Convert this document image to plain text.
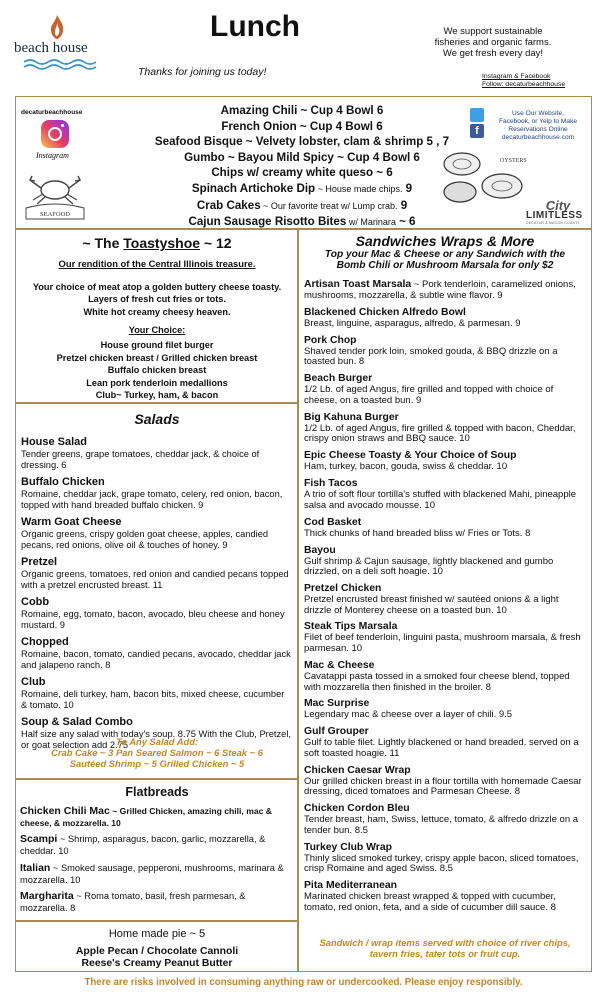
beach house
Lunch	We support sustainable
fisheries and organic farms.
We get fresh every day!
Thanks for joining us today!	Instagram & Facebook
Follow: decaturbeachhouse
decaturbeachhouse
Instagram
SEAFOOD
Amazing Chili ~ Cup 4 Bowl 6
French Onion ~ Cup 4 Bowl 6
Seafood Bisque ~ Velvety lobster, clam & shrimp 5 , 7
Gumbo ~ Bayou Mild Spicy ~ Cup 4 Bowl 6
Chips w/ creamy white queso ~ 6
Spinach Artichoke Dip ~ House made chips. 9
Crab Cakes ~ Our favorite treat w/ Lump crab. 9
Cajun Sausage Risotto Bites w/ Marinara ~ 6
f
Use Our Website,
Facebook, or Yelp to Make
Reservations Online
decaturbeachhouse.com
OYSTERS
City
LIMITLESS
DECATUR & MACON COUNTY
~ The Toastyshoe ~ 12
Our rendition of the Central Illinois treasure.
Your choice of meat atop a golden buttery cheese toasty.
Layers of fresh cut fries or tots.
White hot creamy cheesy heaven.
Your Choice:
House ground filet burger
Pretzel chicken breast / Grilled chicken breast
Buffalo chicken breast
Lean pork tenderloin medallions
Club~ Turkey, ham, & bacon
Salads
House Salad
Tender greens, grape tomatoes, cheddar jack, & choice of dressing. 6
Buffalo Chicken
Romaine, cheddar jack, grape tomato, celery, red onion, bacon, topped with hand breaded buffalo chicken. 9
Warm Goat Cheese
Organic greens, crispy golden goat cheese, apples, candied pecans, red onions, olive oil & touches of honey. 9
Pretzel
Organic greens, tomatoes, red onion and candied pecans topped with a pretzel encrusted breast. 11
Cobb
Romaine, egg, tomato, bacon, avocado, bleu cheese and honey mustard. 9
Chopped
Romaine, bacon, tomato, candied pecans, avocado, cheddar jack and jalapeno ranch. 8
Club
Romaine, deli turkey, ham, bacon bits, mixed cheese, cucumber & tomato. 10
Soup & Salad Combo
Half size any salad with today's soup. 8.75 With the Club, Pretzel, or goat selection add 2.75
To Any Salad Add:
Crab Cake ~ 3 Pan Seared Salmon ~ 6 Steak ~ 6
Sautéed Shrimp ~ 5 Grilled Chicken ~ 5
Flatbreads
Chicken Chili Mac ~ Grilled Chicken, amazing chili, mac & cheese, & mozzarella. 10
Scampi ~ Shrimp, asparagus, bacon, garlic, mozzarella, & cheddar. 10
Italian ~ Smoked sausage, pepperoni, mushrooms, marinara & mozzarella. 10
Margharita ~ Roma tomato, basil, fresh parmesan, & mozzarella. 8
Home made pie ~ 5
Apple Pecan / Chocolate Cannoli
Reese's Creamy Peanut Butter
Sandwiches Wraps & More
Top your Mac & Cheese or any Sandwich with the
Bomb Chili or Mushroom Marsala for only $2
Artisan Toast Marsala ~ Pork tenderloin, caramelized onions, mushrooms, mozzarella, & subtle wine flavor. 9
Blackened Chicken Alfredo Bowl
Breast, linguine, asparagus, alfredo, & parmesan. 9
Pork Chop
Shaved tender pork loin, smoked gouda, & BBQ drizzle on a toasted bun. 8
Beach Burger
1/2 Lb. of aged Angus, fire grilled and topped with choice of cheese, on a toasted bun. 9
Big Kahuna Burger
1/2 Lb. of aged Angus, fire grilled & topped with bacon, Cheddar, crispy onion straws and BBQ sauce. 10
Epic Cheese Toasty & Your Choice of Soup
Ham, turkey, bacon, gouda, swiss & cheddar. 10
Fish Tacos
A trio of soft flour tortilla's stuffed with blackened Mahi, pineapple salsa and avocado mousse. 10
Cod Basket
Thick chunks of hand breaded bliss w/ Fries or Tots. 8
Bayou
Gulf shrimp & Cajun sausage, lightly blackened and gumbo drizzled, on a deli soft hoagie. 10
Pretzel Chicken
Pretzel encrusted breast finished w/ sautéed onions & a light drizzle of Monterey cheese on a toasted bun. 10
Steak Tips Marsala
Filet of beef tenderloin, linguini pasta, mushroom marsala, & fresh parmesan. 10
Mac & Cheese
Cavatappi pasta tossed in a smoked four cheese blend, topped with mozzarella then finished in the broiler. 8
Mac Surprise
Legendary mac & cheese over a layer of chili. 9.5
Gulf Grouper
Gulf to table filet. Lightly blackened or hand breaded. served on a soft toasted hoagie. 11
Chicken Caesar Wrap
Our grilled chicken breast in a flour tortilla with homemade Caesar dressing, diced tomatoes and Parmesan Cheese. 8
Chicken Cordon Bleu
Tender breast, ham, Swiss, lettuce, tomato, & alfredo drizzle on a tender bun. 8.5
Turkey Club Wrap
Thinly sliced smoked turkey, crispy apple bacon, sliced tomatoes, crisp Romaine and aged Swiss. 8.5
Pita Mediterranean
Marinated chicken breast wrapped & topped with cucumber, tomato, red onion, feta, and a side of cucumber dill sauce. 8
Sandwich / wrap items served with choice of river chips,
tavern fries, tater tots or fruit cup.
There are risks involved in consuming anything raw or undercooked. Please enjoy responsibly.
